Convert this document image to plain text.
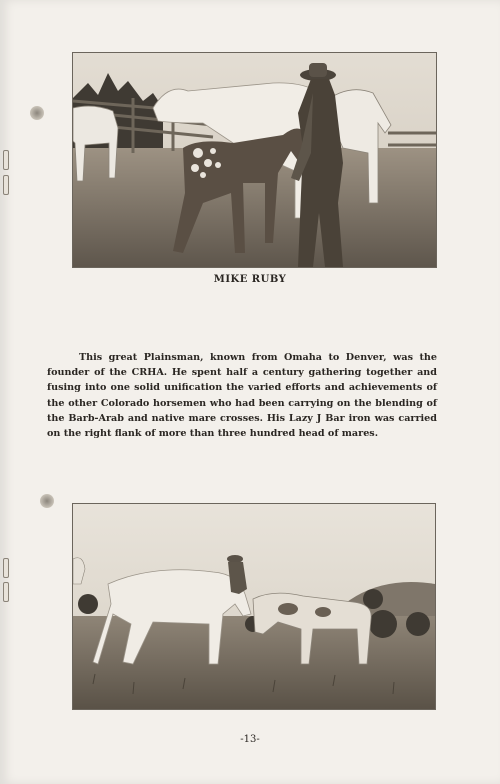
MIKE RUBY
This great Plainsman, known from Omaha to Denver, was the founder of the CRHA. He spent half a century gathering together and fusing into one solid unification the varied efforts and achievements of the other Colorado horsemen who had been carrying on the blending of the Barb-Arab and native mare crosses. His Lazy J Bar iron was carried on the right flank of more than three hundred head of mares.
-13-
